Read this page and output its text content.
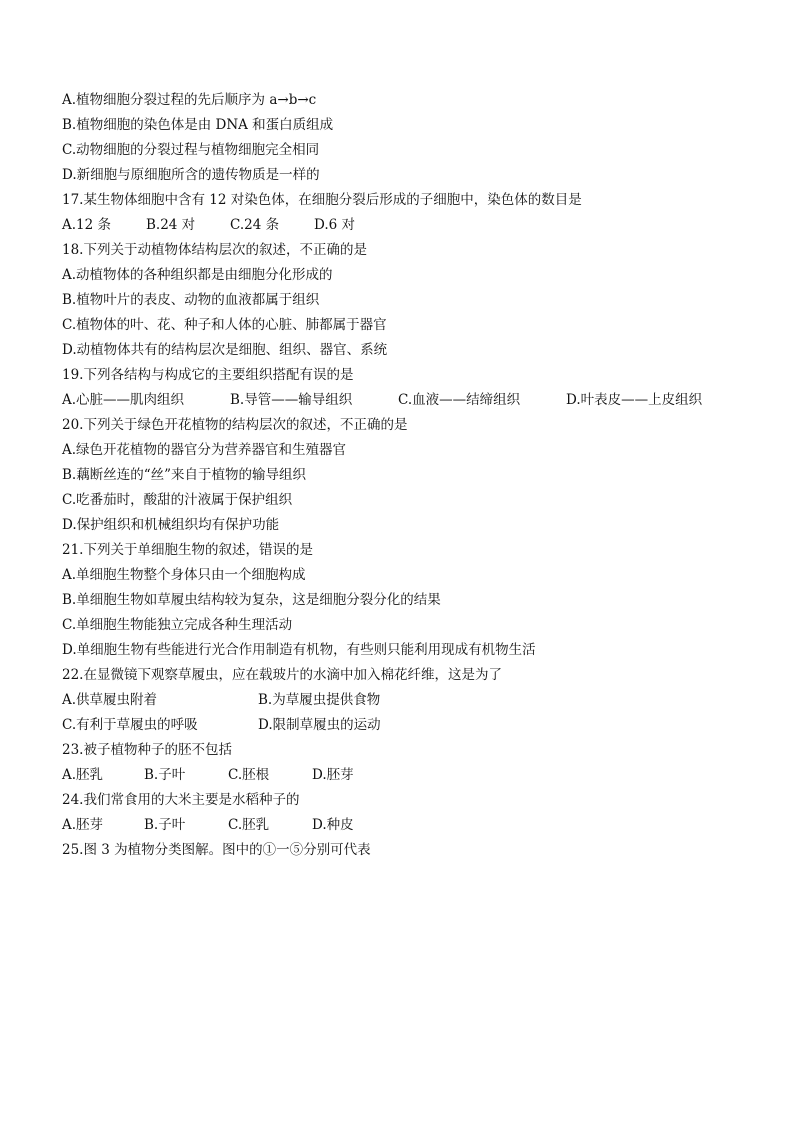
A.植物细胞分裂过程的先后顺序为 a→b→c
B.植物细胞的染色体是由 DNA 和蛋白质组成
C.动物细胞的分裂过程与植物细胞完全相同
D.新细胞与原细胞所含的遗传物质是一样的
17.某生物体细胞中含有 12 对染色体，在细胞分裂后形成的子细胞中，染色体的数目是
A.12 条	B.24 对	C.24 条	D.6 对
18.下列关于动植物体结构层次的叙述，不正确的是
A.动植物体的各种组织都是由细胞分化形成的
B.植物叶片的表皮、动物的血液都属于组织
C.植物体的叶、花、种子和人体的心脏、肺都属于器官
D.动植物体共有的结构层次是细胞、组织、器官、系统
19.下列各结构与构成它的主要组织搭配有误的是
A.心脏——肌肉组织	B.导管——输导组织	C.血液——结缔组织	D.叶表皮——上皮组织
20.下列关于绿色开花植物的结构层次的叙述，不正确的是
A.绿色开花植物的器官分为营养器官和生殖器官
B.藕断丝连的“丝”来自于植物的输导组织
C.吃番茄时，酸甜的汁液属于保护组织
D.保护组织和机械组织均有保护功能
21.下列关于单细胞生物的叙述，错误的是
A.单细胞生物整个身体只由一个细胞构成
B.单细胞生物如草履虫结构较为复杂，这是细胞分裂分化的结果
C.单细胞生物能独立完成各种生理活动
D.单细胞生物有些能进行光合作用制造有机物，有些则只能利用现成有机物生活
22.在显微镜下观察草履虫，应在载玻片的水滴中加入棉花纤维，这是为了
A.供草履虫附着	B.为草履虫提供食物
C.有利于草履虫的呼吸	D.限制草履虫的运动
23.被子植物种子的胚不包括
A.胚乳	B.子叶	C.胚根	D.胚芽
24.我们常食用的大米主要是水稻种子的
A.胚芽	B.子叶	C.胚乳	D.种皮
25.图 3 为植物分类图解。图中的①一⑤分别可代表
